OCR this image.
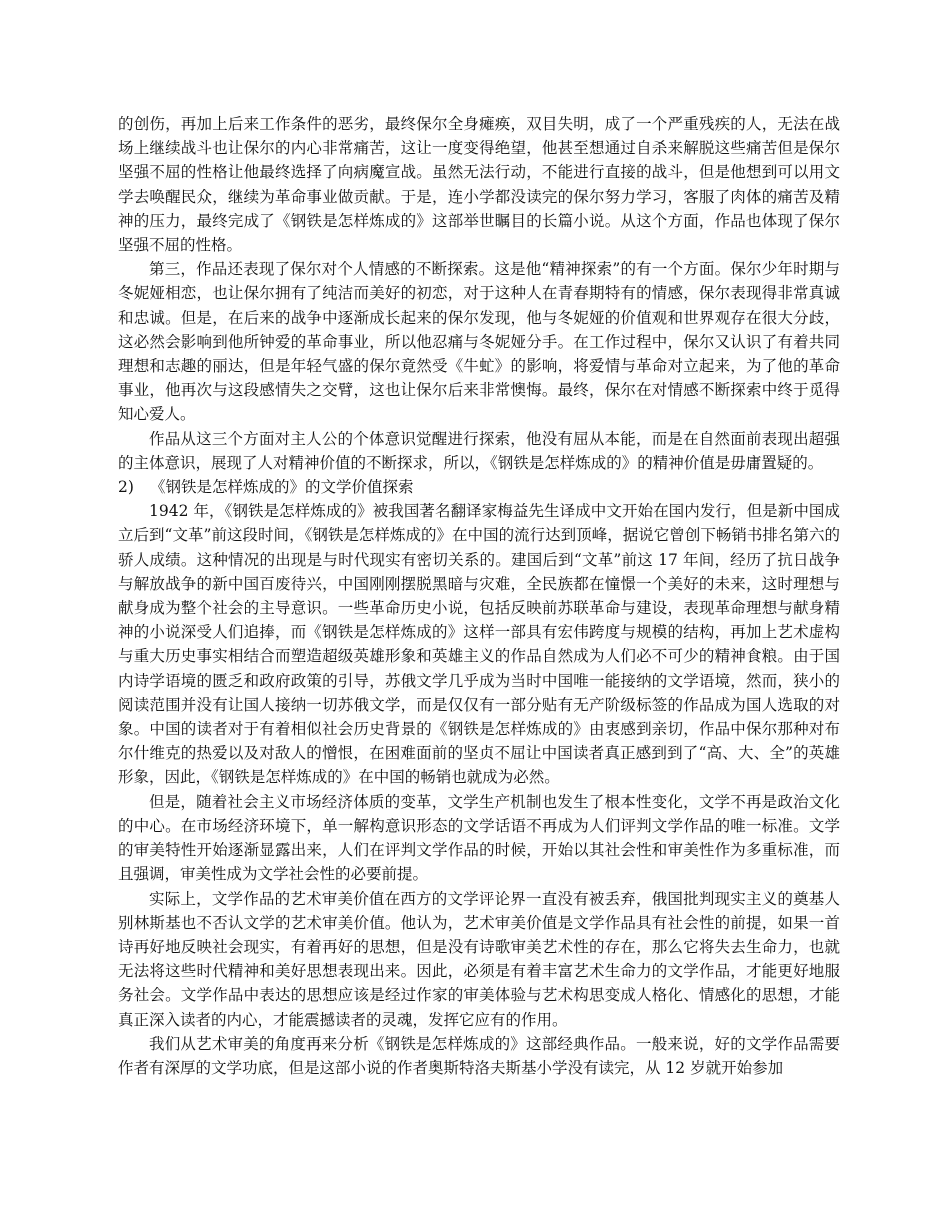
的创伤，再加上后来工作条件的恶劣，最终保尔全身瘫痪，双目失明，成了一个严重残疾的人，无法在战场上继续战斗也让保尔的内心非常痛苦，这让一度变得绝望，他甚至想通过自杀来解脱这些痛苦但是保尔坚强不屈的性格让他最终选择了向病魔宣战。虽然无法行动，不能进行直接的战斗，但是他想到可以用文学去唤醒民众，继续为革命事业做贡献。于是，连小学都没读完的保尔努力学习，客服了肉体的痛苦及精神的压力，最终完成了《钢铁是怎样炼成的》这部举世瞩目的长篇小说。从这个方面，作品也体现了保尔坚强不屈的性格。

第三，作品还表现了保尔对个人情感的不断探索。这是他“精神探索”的有一个方面。保尔少年时期与冬妮娅相恋，也让保尔拥有了纯洁而美好的初恋，对于这种人在青春期特有的情感，保尔表现得非常真诚和忠诚。但是，在后来的战争中逐渐成长起来的保尔发现，他与冬妮娅的价值观和世界观存在很大分歧，这必然会影响到他所钟爱的革命事业，所以他忍痛与冬妮娅分手。在工作过程中，保尔又认识了有着共同理想和志趣的丽达，但是年轻气盛的保尔竟然受《牛虻》的影响，将爱情与革命对立起来，为了他的革命事业，他再次与这段感情失之交臂，这也让保尔后来非常懊悔。最终，保尔在对情感不断探索中终于觅得知心爱人。

作品从这三个方面对主人公的个体意识觉醒进行探索，他没有屈从本能，而是在自然面前表现出超强的主体意识，展现了人对精神价值的不断探求，所以，《钢铁是怎样炼成的》的精神价值是毋庸置疑的。

2) 《钢铁是怎样炼成的》的文学价值探索

1942 年，《钢铁是怎样炼成的》被我国著名翻译家梅益先生译成中文开始在国内发行，但是新中国成立后到“文革”前这段时间，《钢铁是怎样炼成的》在中国的流行达到顶峰，据说它曾创下畅销书排名第六的骄人成绩。这种情况的出现是与时代现实有密切关系的。建国后到“文革”前这 17 年间，经历了抗日战争与解放战争的新中国百废待兴，中国刚刚摆脱黑暗与灾难，全民族都在憧憬一个美好的未来，这时理想与献身成为整个社会的主导意识。一些革命历史小说，包括反映前苏联革命与建设，表现革命理想与献身精神的小说深受人们追捧，而《钢铁是怎样炼成的》这样一部具有宏伟跨度与规模的结构，再加上艺术虚构与重大历史事实相结合而塑造超级英雄形象和英雄主义的作品自然成为人们必不可少的精神食粮。由于国内诗学语境的匮乏和政府政策的引导，苏俄文学几乎成为当时中国唯一能接纳的文学语境，然而，狭小的阅读范围并没有让国人接纳一切苏俄文学，而是仅仅有一部分贴有无产阶级标签的作品成为国人选取的对象。中国的读者对于有着相似社会历史背景的《钢铁是怎样炼成的》由衷感到亲切，作品中保尔那种对布尔什维克的热爱以及对敌人的憎恨，在困难面前的坚贞不屈让中国读者真正感到到了“高、大、全”的英雄形象，因此，《钢铁是怎样炼成的》在中国的畅销也就成为必然。

但是，随着社会主义市场经济体质的变革，文学生产机制也发生了根本性变化，文学不再是政治文化的中心。在市场经济环境下，单一解构意识形态的文学话语不再成为人们评判文学作品的唯一标准。文学的审美特性开始逐渐显露出来，人们在评判文学作品的时候，开始以其社会性和审美性作为多重标准，而且强调，审美性成为文学社会性的必要前提。

实际上，文学作品的艺术审美价值在西方的文学评论界一直没有被丢弃，俄国批判现实主义的奠基人别林斯基也不否认文学的艺术审美价值。他认为，艺术审美价值是文学作品具有社会性的前提，如果一首诗再好地反映社会现实，有着再好的思想，但是没有诗歌审美艺术性的存在，那么它将失去生命力，也就无法将这些时代精神和美好思想表现出来。因此，必须是有着丰富艺术生命力的文学作品，才能更好地服务社会。文学作品中表达的思想应该是经过作家的审美体验与艺术构思变成人格化、情感化的思想，才能真正深入读者的内心，才能震撼读者的灵魂，发挥它应有的作用。

我们从艺术审美的角度再来分析《钢铁是怎样炼成的》这部经典作品。一般来说，好的文学作品需要作者有深厚的文学功底，但是这部小说的作者奥斯特洛夫斯基小学没有读完，从 12 岁就开始参加
